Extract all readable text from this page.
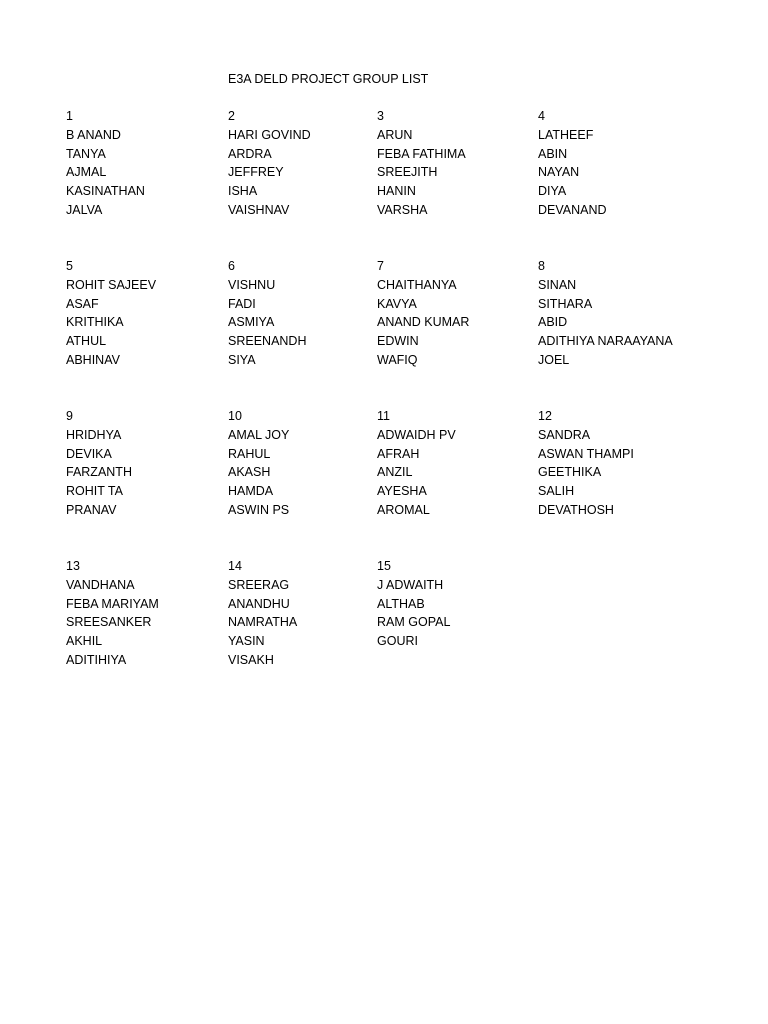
E3A DELD PROJECT GROUP LIST
1
B ANAND
TANYA
AJMAL
KASINATHAN
JALVA
2
HARI GOVIND
ARDRA
JEFFREY
ISHA
VAISHNAV
3
ARUN
FEBA FATHIMA
SREEJITH
HANIN
VARSHA
4
LATHEEF
ABIN
NAYAN
DIYA
DEVANAND
5
ROHIT SAJEEV
ASAF
KRITHIKA
ATHUL
ABHINAV
6
VISHNU
FADI
ASMIYA
SREENANDH
SIYA
7
CHAITHANYA
KAVYA
ANAND KUMAR
EDWIN
WAFIQ
8
SINAN
SITHARA
ABID
ADITHIYA NARAAYANA
JOEL
9
HRIDHYA
DEVIKA
FARZANTH
ROHIT TA
PRANAV
10
AMAL JOY
RAHUL
AKASH
HAMDA
ASWIN PS
11
ADWAIDH PV
AFRAH
ANZIL
AYESHA
AROMAL
12
SANDRA
ASWAN THAMPI
GEETHIKA
SALIH
DEVATHOSH
13
VANDHANA
FEBA MARIYAM
SREESANKER
AKHIL
ADITIHIYA
14
SREERAG
ANANDHU
NAMRATHA
YASIN
VISAKH
15
J ADWAITH
ALTHAB
RAM GOPAL
GOURI
